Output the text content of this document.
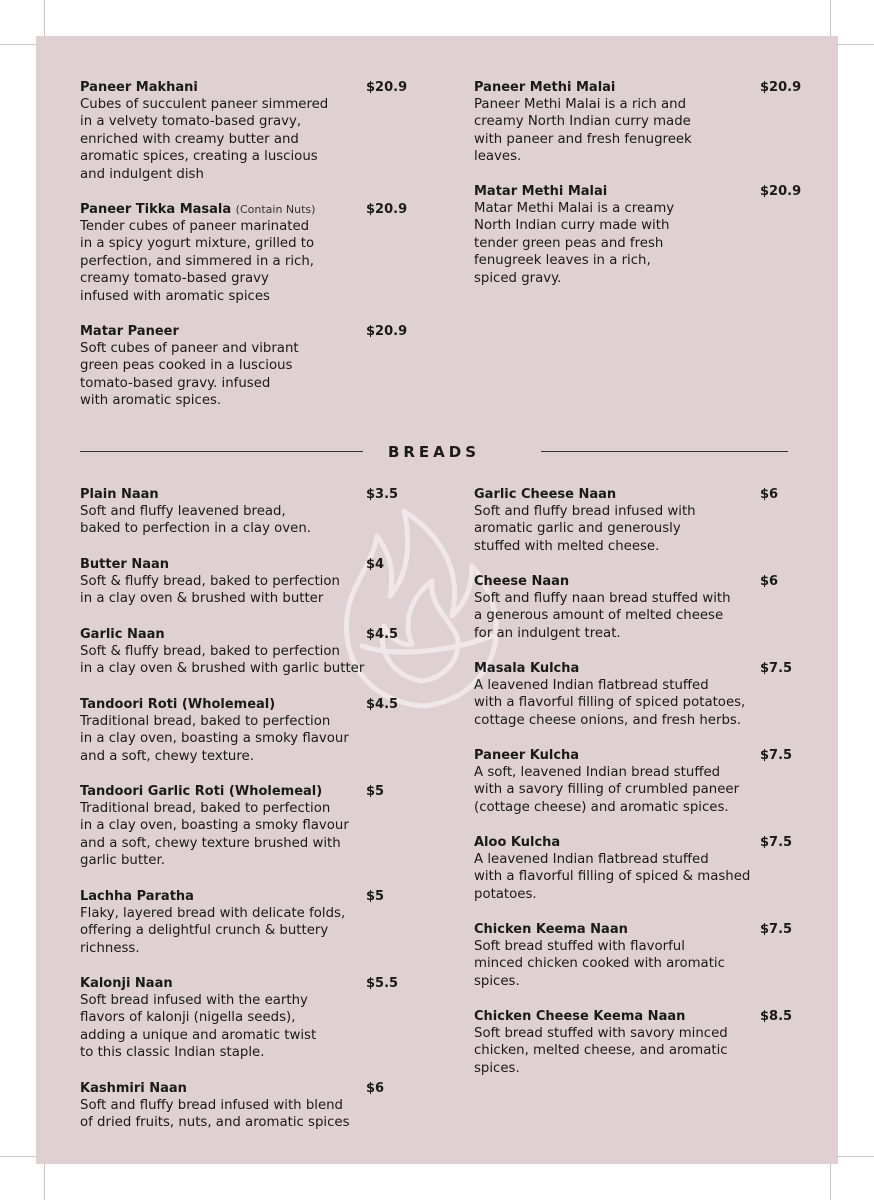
Paneer Makhani	$20.9

Cubes of succulent paneer simmered
in a velvety tomato-based gravy,
enriched with creamy butter and
aromatic spices, creating a luscious
and indulgent dish

Paneer Tikka Masala (Contain Nuts)	$20.9

Tender cubes of paneer marinated
in a spicy yogurt mixture, grilled to
perfection, and simmered in a rich,
creamy tomato-based gravy
infused with aromatic spices

Matar Paneer	$20.9

Soft cubes of paneer and vibrant
green peas cooked in a luscious
tomato-based gravy. infused
with aromatic spices.

Paneer Methi Malai	$20.9

Paneer Methi Malai is a rich and
creamy North Indian curry made
with paneer and fresh fenugreek
leaves.

Matar Methi Malai	$20.9

Matar Methi Malai is a creamy
North Indian curry made with
tender green peas and fresh
fenugreek leaves in a rich,
spiced gravy.

BREADS
Plain Naan	$3.5

Soft and fluffy leavened bread,
baked to perfection in a clay oven.

Butter Naan	$4

Soft & fluffy bread, baked to perfection
in a clay oven & brushed with butter

Garlic Naan	$4.5

Soft & fluffy bread, baked to perfection
in a clay oven & brushed with garlic butter

Tandoori Roti (Wholemeal)	$4.5

Traditional bread, baked to perfection
in a clay oven, boasting a smoky flavour
and a soft, chewy texture.

Tandoori Garlic Roti (Wholemeal)	$5

Traditional bread, baked to perfection
in a clay oven, boasting a smoky flavour
and a soft, chewy texture brushed with
garlic butter.

Lachha Paratha	$5

Flaky, layered bread with delicate folds,
offering a delightful crunch & buttery
richness.

Kalonji Naan	$5.5

Soft bread infused with the earthy
flavors of kalonji (nigella seeds),
adding a unique and aromatic twist
to this classic Indian staple.

Kashmiri Naan	$6

Soft and fluffy bread infused with blend
of dried fruits, nuts, and aromatic spices

Garlic Cheese Naan	$6

Soft and fluffy bread infused with
aromatic garlic and generously
stuffed with melted cheese.

Cheese Naan	$6

Soft and fluffy naan bread stuffed with
a generous amount of melted cheese
for an indulgent treat.

Masala Kulcha	$7.5

A leavened Indian flatbread stuffed
with a flavorful filling of spiced potatoes,
cottage cheese onions, and fresh herbs.

Paneer Kulcha	$7.5

A soft, leavened Indian bread stuffed
with a savory filling of crumbled paneer
(cottage cheese) and aromatic spices.

Aloo Kulcha	$7.5

A leavened Indian flatbread stuffed
with a flavorful filling of spiced & mashed
potatoes.

Chicken Keema Naan	$7.5

Soft bread stuffed with flavorful
minced chicken cooked with aromatic
spices.

Chicken Cheese Keema Naan	$8.5

Soft bread stuffed with savory minced
chicken, melted cheese, and aromatic
spices.
